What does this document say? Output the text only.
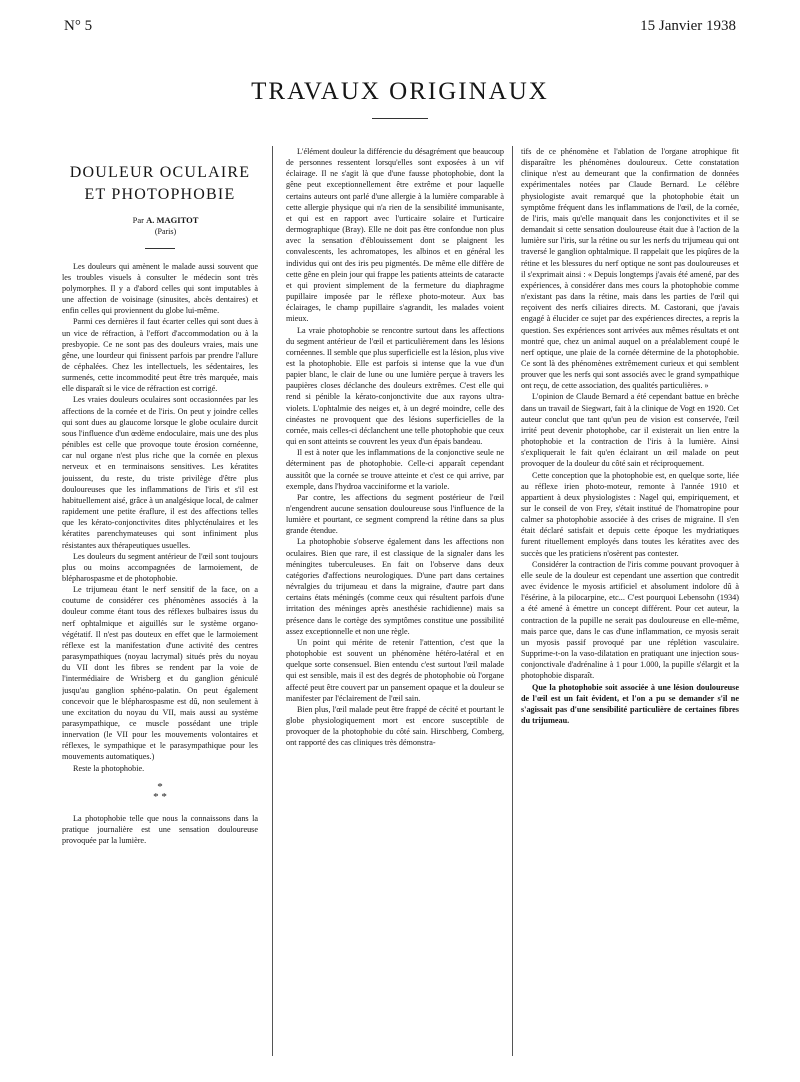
N° 5	15 Janvier 1938
TRAVAUX ORIGINAUX
DOULEUR OCULAIRE
ET PHOTOPHOBIE

Par A. MAGITOT

(Paris)

Les douleurs qui amènent le malade aussi souvent que les troubles visuels à consulter le médecin sont très polymorphes. Il y a d'abord celles qui sont imputables à une affection de voisinage (sinusites, abcès dentaires) et enfin celles qui proviennent du globe lui-même.

Parmi ces dernières il faut écarter celles qui sont dues à un vice de réfraction, à l'effort d'accommodation ou à la presbyopie. Ce ne sont pas des douleurs vraies, mais une gêne, une lourdeur qui finissent parfois par prendre l'allure de céphalées. Chez les intellectuels, les sédentaires, les surmenés, cette incommodité peut être très marquée, mais elle disparaît si le vice de réfraction est corrigé.

Les vraies douleurs oculaires sont occasionnées par les affections de la cornée et de l'iris. On peut y joindre celles qui sont dues au glaucome lorsque le globe oculaire durcit sous l'influence d'un œdème endoculaire, mais une des plus pénibles est celle que provoque toute érosion cornéenne, car nul organe n'est plus riche que la cornée en plexus nerveux et en terminaisons sensitives. Les kératites jouissent, du reste, du triste privilège d'être plus douloureuses que les inflammations de l'iris et s'il est habituellement aisé, grâce à un analgésique local, de calmer rapidement une petite éraflure, il est des affections telles que les kérato-conjonctivites dites phlycténulaires et les kératites parenchymateuses qui sont infiniment plus résistantes aux thérapeutiques usuelles.

Les douleurs du segment antérieur de l'œil sont toujours plus ou moins accompagnées de larmoiement, de blépharospasme et de photophobie.

Le trijumeau étant le nerf sensitif de la face, on a coutume de considérer ces phénomènes associés à la douleur comme étant tous des réflexes bulbaires issus du nerf ophtalmique et aiguillés sur le système organo-végétatif. Il n'est pas douteux en effet que le larmoiement réflexe est la manifestation d'une activité des centres parasympathiques (noyau lacrymal) situés près du noyau du VII dont les fibres se rendent par la voie de l'intermédiaire de Wrisberg et du ganglion géniculé jusqu'au ganglion sphéno-palatin. On peut également concevoir que le blépharospasme est dû, non seulement à une excitation du noyau du VII, mais aussi au système parasympathique, ce muscle possédant une triple innervation (le VII pour les mouvements volontaires et réflexes, le sympathique et le parasympathique pour les mouvements automatiques.)

Reste la photophobie.

*
* *

La photophobie telle que nous la connaissons dans la pratique journalière est une sensation douloureuse provoquée par la lumière.

L'élément douleur la différencie du désagrément que beaucoup de personnes ressentent lorsqu'elles sont exposées à un vif éclairage. Il ne s'agit là que d'une fausse photophobie, dont la gêne peut exceptionnellement être extrême et pour laquelle certains auteurs ont parlé d'une allergie à la lumière comparable à cette allergie physique qui n'a rien de la sensibilité immunisante, et qui est en rapport avec l'urticaire solaire et l'urticaire dermographique (Bray). Elle ne doit pas être confondue non plus avec la sensation d'éblouissement dont se plaignent les convalescents, les achromatopes, les albinos et en général les individus qui ont des iris peu pigmentés. De même elle diffère de cette gêne en plein jour qui frappe les patients atteints de cataracte et qui provient simplement de la fermeture du diaphragme pupillaire imposée par le réflexe photo-moteur. Aux bas éclairages, le champ pupillaire s'agrandit, les malades voient mieux.

La vraie photophobie se rencontre surtout dans les affections du segment antérieur de l'œil et particulièrement dans les lésions cornéennes. Il semble que plus superficielle est la lésion, plus vive est la photophobie. Elle est parfois si intense que la vue d'un papier blanc, le clair de lune ou une lumière perçue à travers les paupières closes déclanche des douleurs extrêmes. C'est elle qui rend si pénible la kérato-conjonctivite due aux rayons ultra-violets. L'ophtalmie des neiges et, à un degré moindre, celle des cinéastes ne provoquent que des lésions superficielles de la cornée, mais celles-ci déclanchent une telle photophobie que ceux qui en sont atteints se couvrent les yeux d'un épais bandeau.

Il est à noter que les inflammations de la conjonctive seule ne déterminent pas de photophobie. Celle-ci apparaît cependant aussitôt que la cornée se trouve atteinte et c'est ce qui arrive, par exemple, dans l'hydroa vacciniforme et la variole.

Par contre, les affections du segment postérieur de l'œil n'engendrent aucune sensation douloureuse sous l'influence de la lumière et pourtant, ce segment comprend la rétine dans sa plus grande étendue.

La photophobie s'observe également dans les affections non oculaires. Bien que rare, il est classique de la signaler dans les méningites tuberculeuses. En fait on l'observe dans deux catégories d'affections neurologiques. D'une part dans certaines névralgies du trijumeau et dans la migraine, d'autre part dans certains états méningés (comme ceux qui résultent parfois d'une irritation des méninges après anesthésie rachidienne) mais sa présence dans le cortège des symptômes constitue une possibilité assez exceptionnelle et non une règle.

Un point qui mérite de retenir l'attention, c'est que la photophobie est souvent un phénomène hétéro-latéral et en quelque sorte consensuel. Bien entendu c'est surtout l'œil malade qui est sensible, mais il est des degrés de photophobie où l'organe affecté peut être couvert par un pansement opaque et la douleur se manifester par l'éclairement de l'œil sain.

Bien plus, l'œil malade peut être frappé de cécité et pourtant le globe physiologiquement mort est encore susceptible de provoquer de la photophobie du côté sain. Hirschberg, Comberg, ont rapporté des cas cliniques très démonstra-

tifs de ce phénomène et l'ablation de l'organe atrophique fit disparaître les phénomènes douloureux. Cette constatation clinique n'est au demeurant que la confirmation de données expérimentales notées par Claude Bernard. Le célèbre physiologiste avait remarqué que la photophobie était un symptôme fréquent dans les inflammations de l'œil, de la cornée, de l'iris, mais qu'elle manquait dans les conjonctivites et il se demandait si cette sensation douloureuse était due à l'action de la lumière sur l'iris, sur la rétine ou sur les nerfs du trijumeau qui ont traversé le ganglion ophtalmique. Il rappelait que les piqûres de la rétine et les blessures du nerf optique ne sont pas douloureuses et il s'exprimait ainsi : « Depuis longtemps j'avais été amené, par des expériences, à considérer dans mes cours la photophobie comme n'existant pas dans la rétine, mais dans les parties de l'œil qui reçoivent des nerfs ciliaires directs. M. Castorani, que j'avais engagé à élucider ce sujet par des expériences directes, a repris la question. Ses expériences sont arrivées aux mêmes résultats et ont montré que, chez un animal auquel on a préalablement coupé le nerf optique, une plaie de la cornée détermine de la photophobie. Ce sont là des phénomènes extrêmement curieux et qui semblent prouver que les nerfs qui sont associés avec le grand sympathique ont reçu, de cette association, des qualités particulières. »

L'opinion de Claude Bernard a été cependant battue en brèche dans un travail de Siegwart, fait à la clinique de Vogt en 1920. Cet auteur conclut que tant qu'un peu de vision est conservée, l'œil irrité peut devenir photophobe, car il existerait un lien entre la photophobie et la contraction de l'iris à la lumière. Ainsi s'expliquerait le fait qu'en éclairant un œil malade on peut provoquer de la douleur du côté sain et réciproquement.

Cette conception que la photophobie est, en quelque sorte, liée au réflexe irien photo-moteur, remonte à l'année 1910 et appartient à deux physiologistes : Nagel qui, empiriquement, et sur le conseil de von Frey, s'était institué de l'homatropine pour calmer sa photophobie associée à des crises de migraine. Il s'en était déclaré satisfait et depuis cette époque les mydriatiques furent rituellement employés dans toutes les kératites avec des succès que les praticiens n'osèrent pas contester.

Considérer la contraction de l'iris comme pouvant provoquer à elle seule de la douleur est cependant une assertion que contredit avec évidence le myosis artificiel et absolument indolore dû à l'ésérine, à la pilocarpine, etc... C'est pourquoi Lebensohn (1934) a été amené à émettre un concept différent. Pour cet auteur, la contraction de la pupille ne serait pas douloureuse en elle-même, mais parce que, dans le cas d'une inflammation, ce myosis serait un myosis passif provoqué par une réplétion vasculaire. Supprime-t-on la vaso-dilatation en pratiquant une injection sous-conjonctivale d'adrénaline à 1 pour 1.000, la pupille s'élargit et la photophobie disparaît.

Que la photophobie soit associée à une lésion douloureuse de l'œil est un fait évident, et l'on a pu se demander s'il ne s'agissait pas d'une sensibilité particulière de certaines fibres du trijumeau.
